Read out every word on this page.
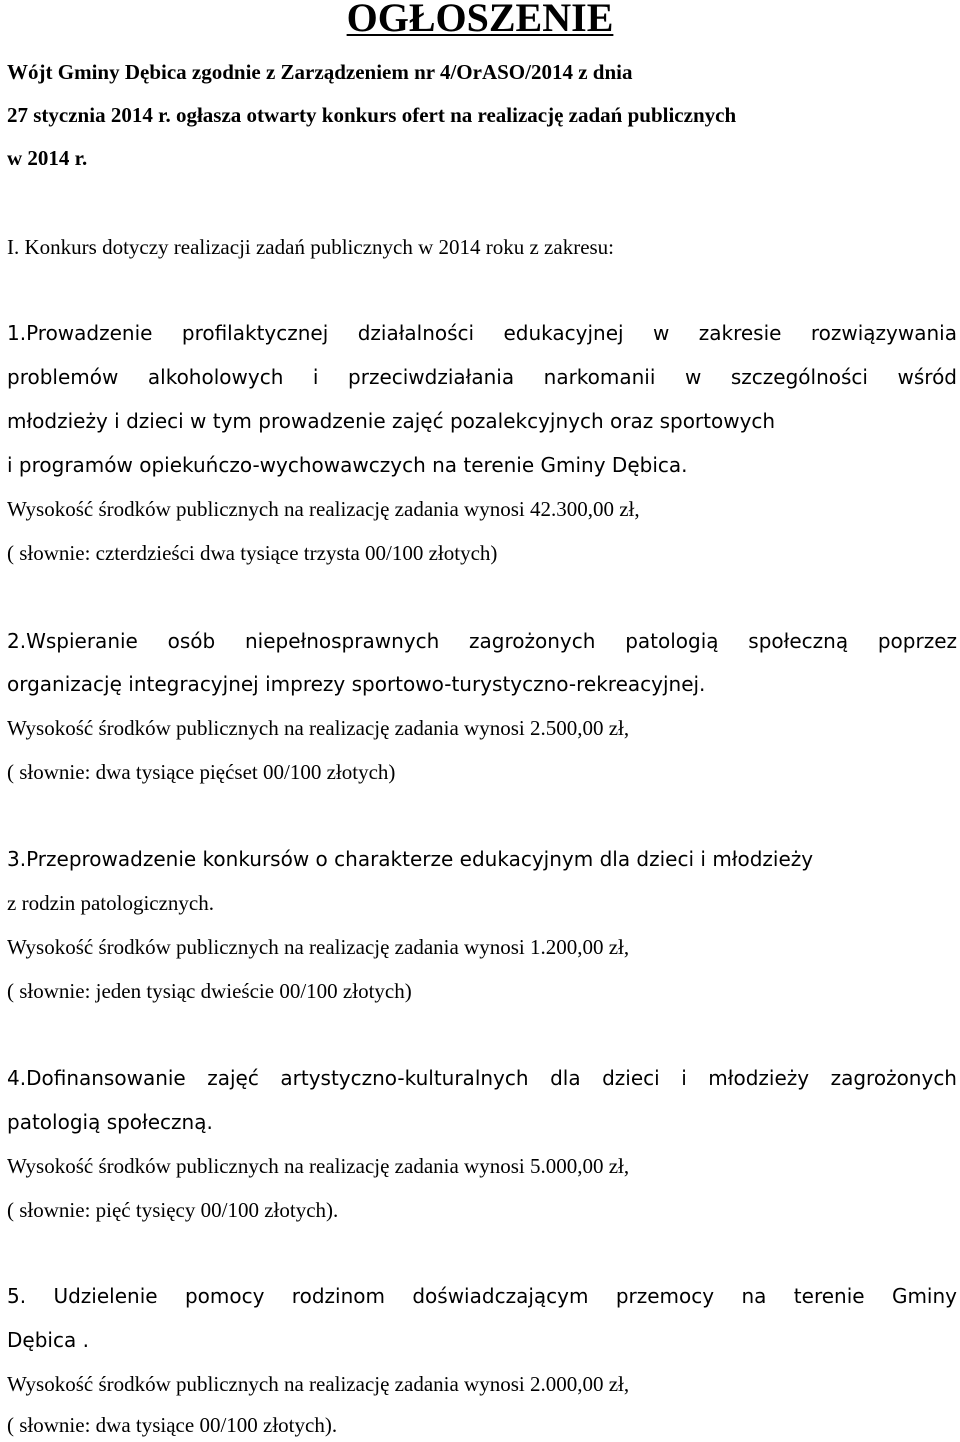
OGŁOSZENIE
Wójt Gminy Dębica zgodnie z Zarządzeniem nr 4/OrASO/2014 z dnia
27 stycznia 2014 r. ogłasza otwarty konkurs ofert na realizację zadań publicznych
w 2014 r.
I. Konkurs dotyczy realizacji zadań publicznych w 2014 roku z zakresu:
1.Prowadzenie profilaktycznej działalności edukacyjnej w zakresie rozwiązywania
problemów alkoholowych i przeciwdziałania narkomanii w szczególności wśród
młodzieży i dzieci w tym prowadzenie zajęć pozalekcyjnych oraz sportowych
i programów opiekuńczo-wychowawczych na terenie Gminy Dębica.
Wysokość środków publicznych na realizację zadania wynosi 42.300,00 zł,
( słownie: czterdzieści dwa tysiące trzysta 00/100 złotych)
2.Wspieranie osób niepełnosprawnych zagrożonych patologią społeczną poprzez
organizację integracyjnej imprezy sportowo-turystyczno-rekreacyjnej.
Wysokość środków publicznych na realizację zadania wynosi 2.500,00 zł,
( słownie: dwa tysiące pięćset 00/100 złotych)
3.Przeprowadzenie konkursów o charakterze edukacyjnym dla dzieci i młodzieży
z rodzin patologicznych.
Wysokość środków publicznych na realizację zadania wynosi 1.200,00 zł,
( słownie: jeden tysiąc dwieście 00/100 złotych)
4.Dofinansowanie zajęć artystyczno-kulturalnych dla dzieci i młodzieży zagrożonych
patologią społeczną.
Wysokość środków publicznych na realizację zadania wynosi 5.000,00 zł,
( słownie: pięć tysięcy 00/100 złotych).
5. Udzielenie pomocy rodzinom doświadczającym przemocy na terenie Gminy
Dębica .
Wysokość środków publicznych na realizację zadania wynosi 2.000,00 zł,
( słownie: dwa tysiące 00/100 złotych).
